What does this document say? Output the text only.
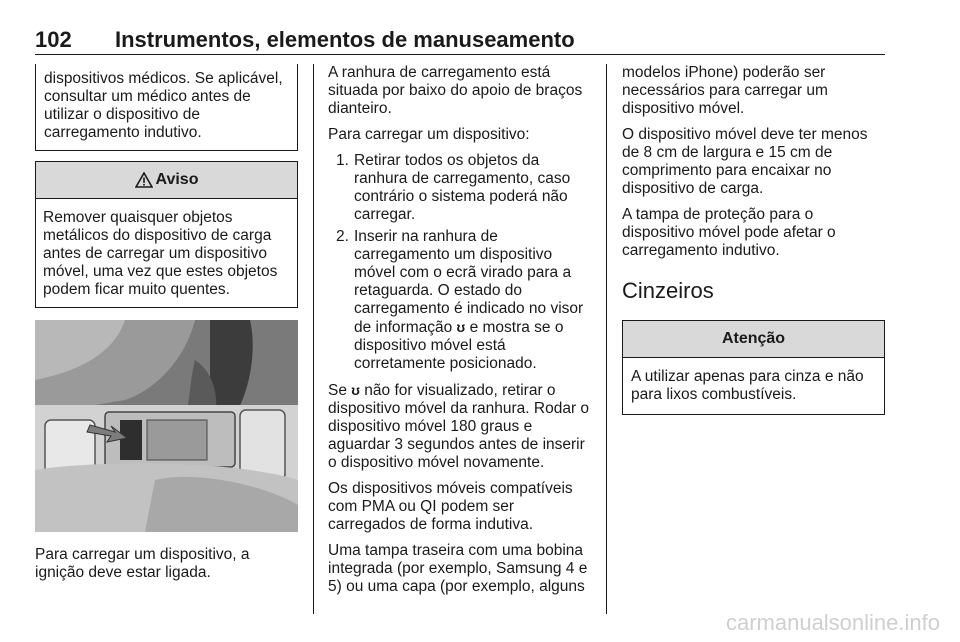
102 Instrumentos, elementos de manuseamento

dispositivos médicos. Se aplicável, consultar um médico antes de utilizar o dispositivo de carregamento indutivo.

Aviso

Remover quaisquer objetos metálicos do dispositivo de carga antes de carregar um dispositivo móvel, uma vez que estes objetos podem ficar muito quentes.

Para carregar um dispositivo, a ignição deve estar ligada.

A ranhura de carregamento está situada por baixo do apoio de braços dianteiro.

Para carregar um dispositivo:

1. Retirar todos os objetos da ranhura de carregamento, caso contrário o sistema poderá não carregar.
2. Inserir na ranhura de carregamento um dispositivo móvel com o ecrã virado para a retaguarda. O estado do carregamento é indicado no visor de informação ʊ e mostra se o dispositivo móvel está corretamente posicionado.

Se ʊ não for visualizado, retirar o dispositivo móvel da ranhura. Rodar o dispositivo móvel 180 graus e aguardar 3 segundos antes de inserir o dispositivo móvel novamente.

Os dispositivos móveis compatíveis com PMA ou QI podem ser carregados de forma indutiva.

Uma tampa traseira com uma bobina integrada (por exemplo, Samsung 4 e 5) ou uma capa (por exemplo, alguns

modelos iPhone) poderão ser necessários para carregar um dispositivo móvel.

O dispositivo móvel deve ter menos de 8 cm de largura e 15 cm de comprimento para encaixar no dispositivo de carga.

A tampa de proteção para o dispositivo móvel pode afetar o carregamento indutivo.

Cinzeiros
Atenção

A utilizar apenas para cinza e não para lixos combustíveis.

carmanualsonline.info
